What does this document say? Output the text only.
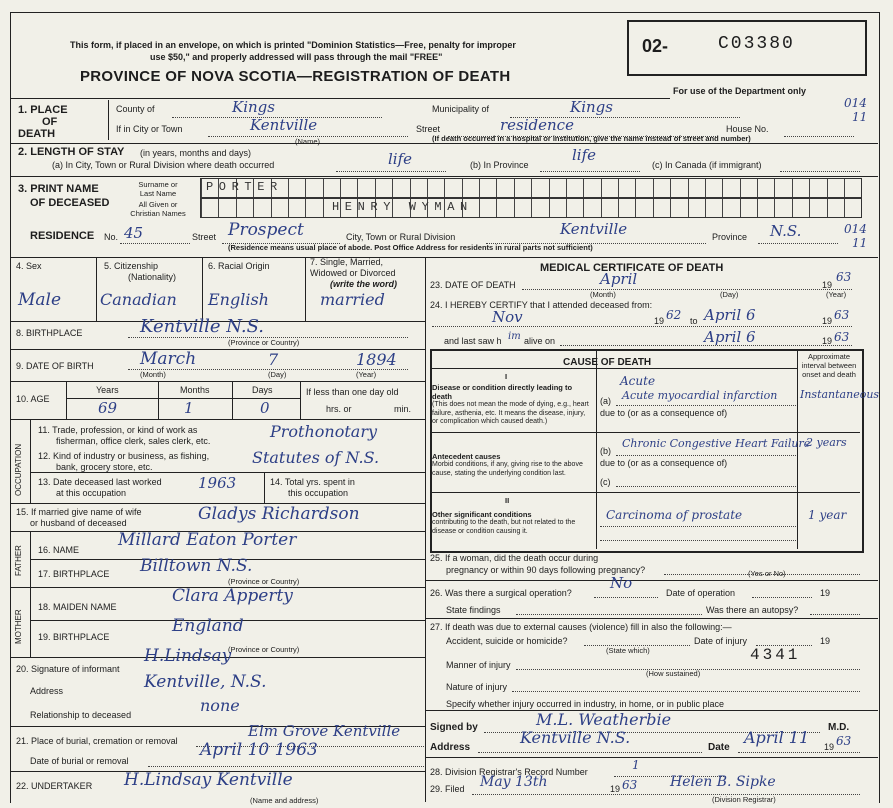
This form, if placed in an envelope, on which is printed "Dominion Statistics—Free, penalty for improper
use $50," and properly addressed will pass through the mail "FREE"
PROVINCE OF NOVA SCOTIA—REGISTRATION OF DEATH
02-	C03380
For use of the Department only
014
11
014
11
1. PLACE
OF
DEATH
County of	Kings	Municipality of	Kings
If in City or Town	Kentville
(Name)
Street	residence	House No.
(If death occurred in a hospital or institution, give the name instead of street and number)
2. LENGTH OF STAY (in years, months and days)
(a) In City, Town or Rural Division where death occurred	life	(b) In Province
life
(c) In Canada (if immigrant)
3. PRINT NAME
OF DECEASED
Surname or
Last Name
All Given or
Christian Names
PORTER
HENRY WYMAN
RESIDENCE No. 45	Street Prospect	City, Town or Rural Division	Kentville	Province N.S.
(Residence means usual place of abode. Post Office Address for residents in rural parts not sufficient)
4. Sex	5. Citizenship
(Nationality)
6. Racial Origin	7. Single, Married,
Widowed or Divorced
(write the word)
Male Canadian English	married
8. BIRTHPLACE	Kentville N.S.
(Province or Country)
9. DATE OF BIRTH	March	7	1894
(Month)	(Day)	(Year)
10. AGE
Years	Months	Days
69	1	0
If less than one day old
hrs. or	min.
OCCUPATION
11. Trade, profession, or kind of work as
fisherman, office clerk, sales clerk, etc.	Prothonotary
12. Kind of industry or business, as fishing,
bank, grocery store, etc.	Statutes of N.S.
13. Date deceased last worked
at this occupation
1963	14. Total yrs. spent in
this occupation
15. If married give name of wife
or husband of deceased	Gladys Richardson
FATHER 16. NAME Millard Eaton Porter
17. BIRTHPLACE Billtown N.S.
(Province or Country)
MOTHER
18. MAIDEN NAME
Clara Apperty
19. BIRTHPLACE
England
(Province or Country)
20. Signature of informant
H.Lindsay
Address	Kentville, N.S.
Relationship to deceased	none
21. Place of burial, cremation or removal
Elm Grove Kentville
Date of burial or removal
April 10 1963
22. UNDERTAKER H.Lindsay Kentville
(Name and address)
MEDICAL CERTIFICATE OF DEATH
23. DATE OF DEATH	April	19
63
(Month)	(Day)	(Year)
24. I HEREBY CERTIFY that I attended deceased from:
Nov	19 62 to April 6	19 63
and last saw h im alive on	April 6	19 63
CAUSE OF DEATH
Approximate interval between onset and death
I
Disease or condition directly leading to death
(This does not mean the mode of dying, e.g., heart failure, asthenia, etc. It means the disease, injury, or complication which caused death.)
(a)
Acute
Acute myocardial infarction Instantaneous
due to (or as a consequence of)
Antecedent causes
Morbid conditions, if any, giving rise to the above cause, stating the underlying condition last.
(b)
Chronic Congestive Heart Failure
2 years
due to (or as a consequence of)
(c)
II
Other significant conditions
contributing to the death, but not related to the disease or condition causing it.
Carcinoma of prostate	1 year
25. If a woman, did the death occur during
pregnancy or within 90 days following pregnancy?	(Yes or No)
26. Was there a surgical operation?
No
Date of operation	19
State findings	Was there an autopsy?
27. If death was due to external causes (violence) fill in also the following:—
Accident, suicide or homicide?	Date of injury	19
(State which)	4341
Manner of injury
(How sustained)
Nature of injury
Specify whether injury occurred in industry, in home, or in public place
Signed by	M.L. Weatherbie	M.D.
Address
Kentville N.S.
Date
April 11 19 63
28. Division Registrar's Record Number	1
29. Filed May 13th	19 63 Helen B. Sipke
(Division Registrar)
